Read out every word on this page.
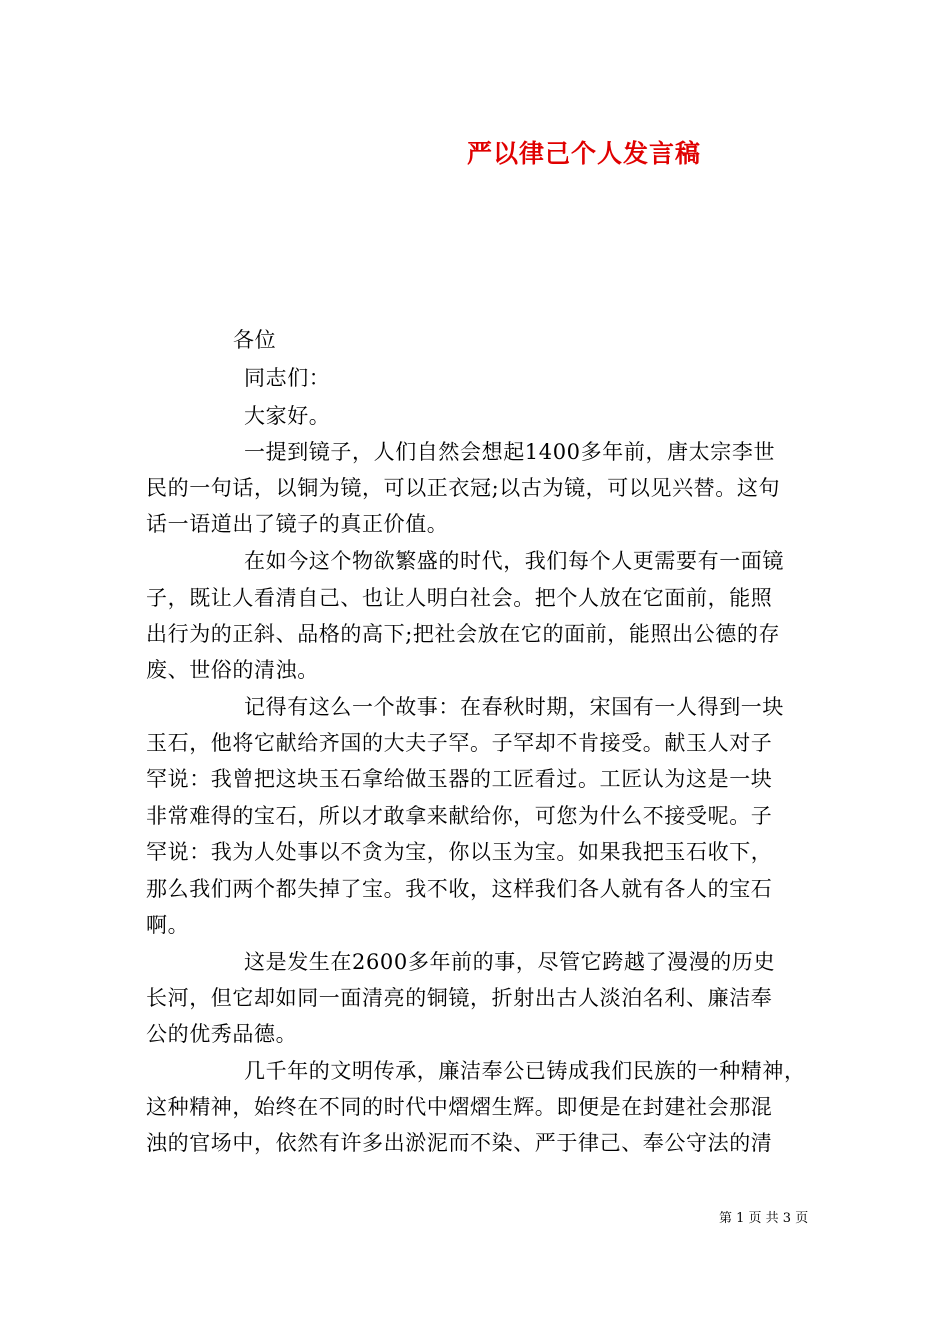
严以律己个人发言稿
各位
同志们：
大家好。
一提到镜子，人们自然会想起1400多年前，唐太宗李世
民的一句话，以铜为镜，可以正衣冠;以古为镜，可以见兴替。这句
话一语道出了镜子的真正价值。
在如今这个物欲繁盛的时代，我们每个人更需要有一面镜
子，既让人看清自己、也让人明白社会。把个人放在它面前，能照
出行为的正斜、品格的高下;把社会放在它的面前，能照出公德的存
废、世俗的清浊。
记得有这么一个故事：在春秋时期，宋国有一人得到一块
玉石，他将它献给齐国的大夫子罕。子罕却不肯接受。献玉人对子
罕说：我曾把这块玉石拿给做玉器的工匠看过。工匠认为这是一块
非常难得的宝石，所以才敢拿来献给你，可您为什么不接受呢。子
罕说：我为人处事以不贪为宝，你以玉为宝。如果我把玉石收下，
那么我们两个都失掉了宝。我不收，这样我们各人就有各人的宝石
啊。
这是发生在2600多年前的事，尽管它跨越了漫漫的历史
长河，但它却如同一面清亮的铜镜，折射出古人淡泊名利、廉洁奉
公的优秀品德。
几千年的文明传承，廉洁奉公已铸成我们民族的一种精神，
这种精神，始终在不同的时代中熠熠生辉。即便是在封建社会那混
浊的官场中，依然有许多出淤泥而不染、严于律己、奉公守法的清
第 1 页 共 3 页
